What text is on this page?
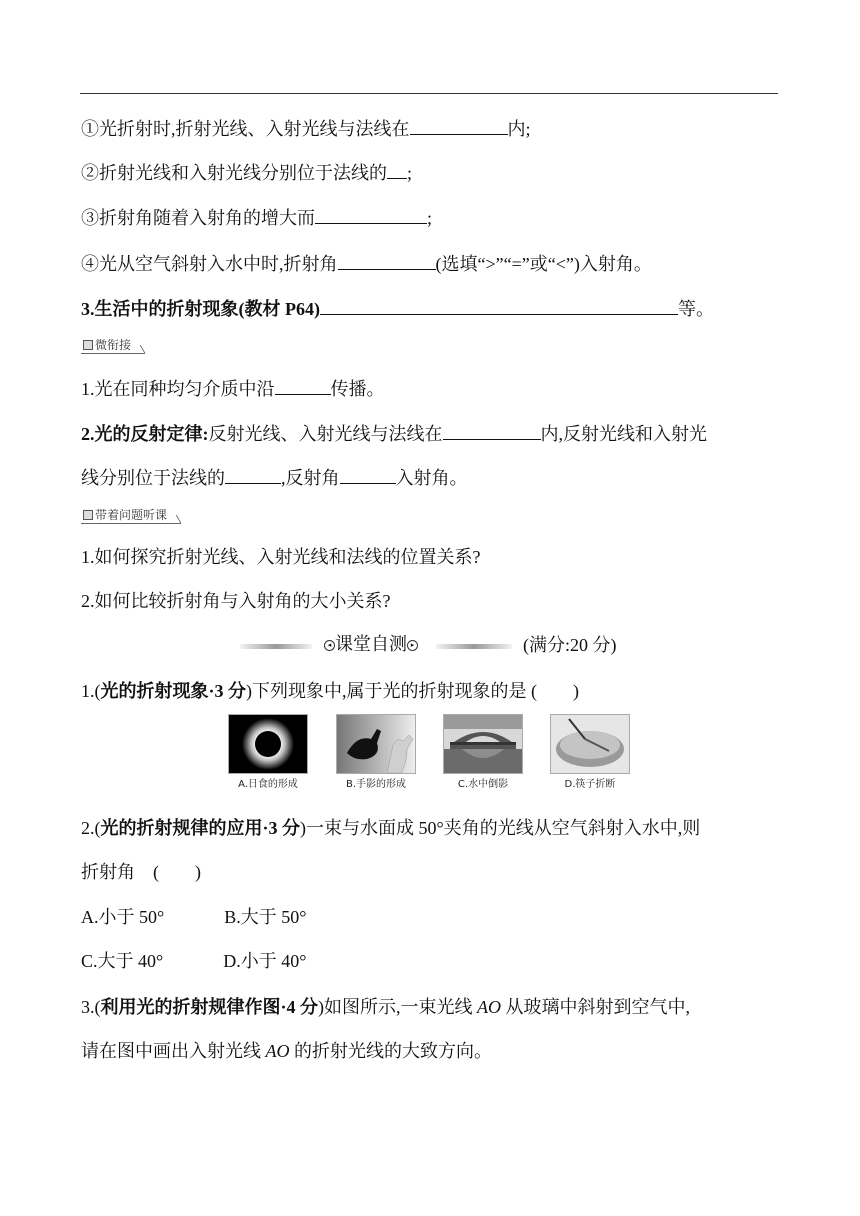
①光折射时,折射光线、入射光线与法线在	内;
②折射光线和入射光线分别位于法线的 ;
③折射角随着入射角的增大而	;
④光从空气斜射入水中时,折射角	(选填“>”“=”或“<”)入射角。
3.生活中的折射现象(教材 P64)	等。
微衔接
1.光在同种均匀介质中沿	传播。
2.光的反射定律:反射光线、入射光线与法线在	内,反射光线和入射光
线分别位于法线的	,反射角	入射角。
带着问题听课
1.如何探究折射光线、入射光线和法线的位置关系?
2.如何比较折射角与入射角的大小关系?
◂ 课堂自测 ▸	(满分:20 分)
1.(光的折射现象·3 分)下列现象中,属于光的折射现象的是 (  )
A.日食的形成	B.手影的形成	C.水中倒影	D.筷子折断
2.(光的折射规律的应用·3 分)一束与水面成 50°夹角的光线从空气斜射入水中,则
折射角 (  )
A.小于 50°	B.大于 50°
C.大于 40°	D.小于 40°
3.(利用光的折射规律作图·4 分)如图所示,一束光线 AO 从玻璃中斜射到空气中,
请在图中画出入射光线 AO 的折射光线的大致方向。
